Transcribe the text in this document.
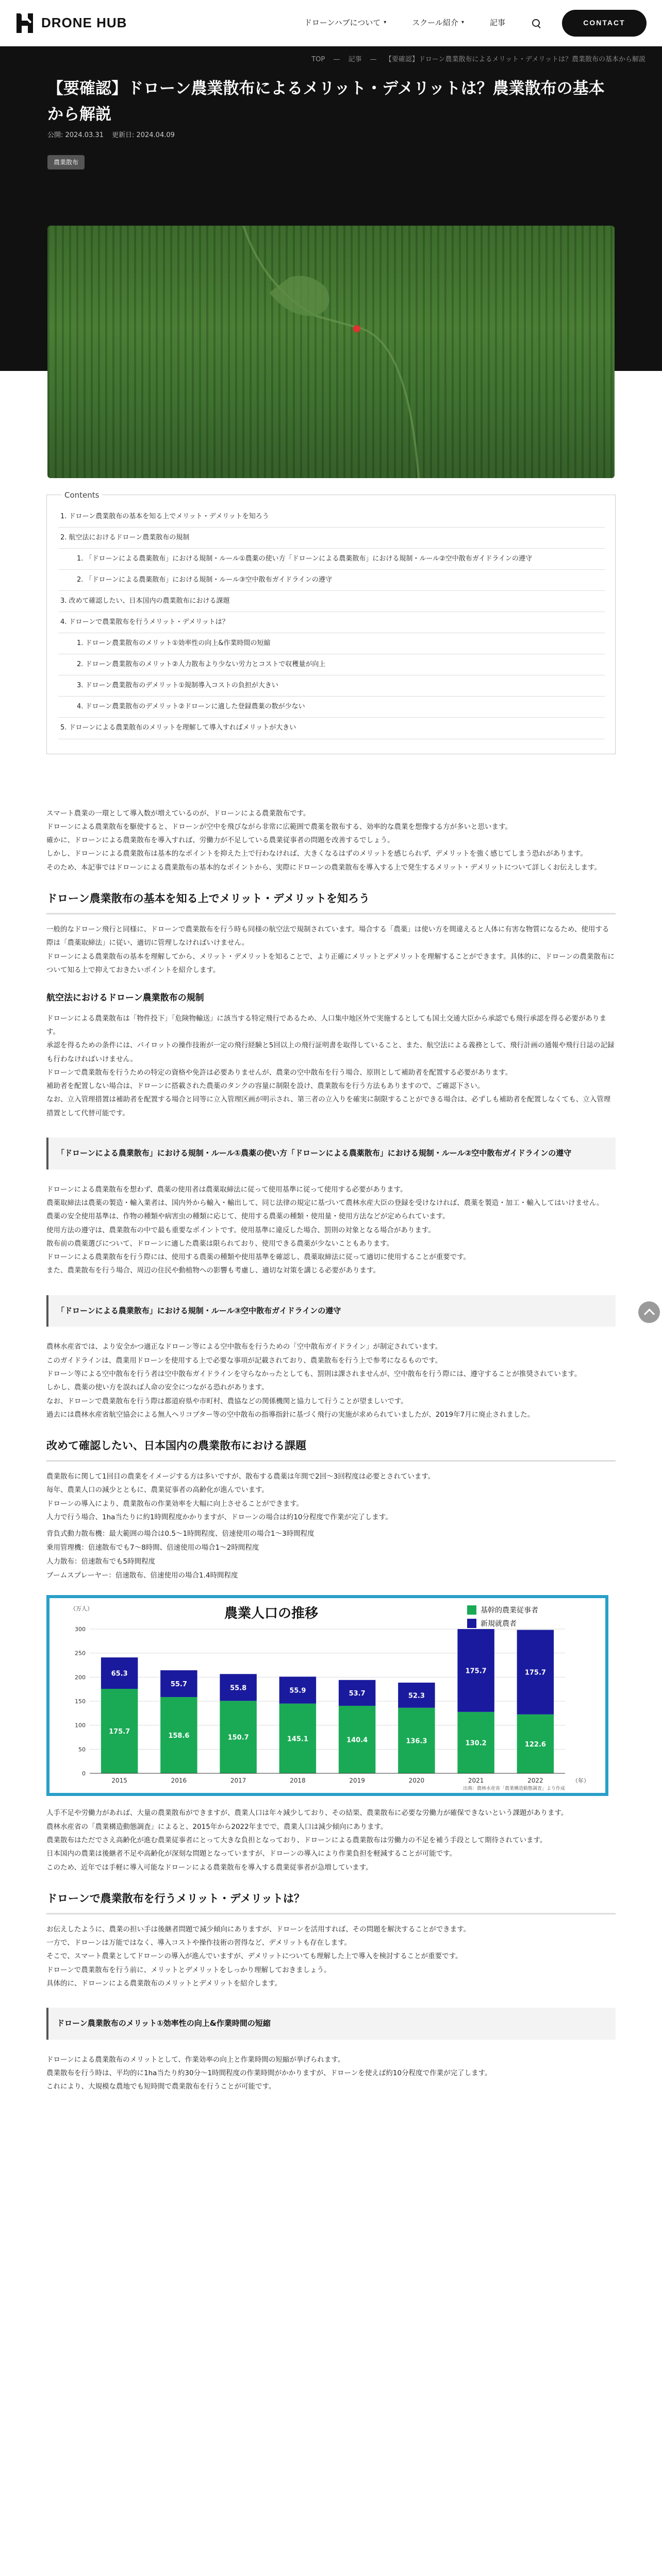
DRONE HUB	ドローンハブについて ▾	スクール紹介 ▾	記事	CONTACT
TOP — 記事 — 【要確認】ドローン農業散布によるメリット・デメリットは？農業散布の基本から解説
【要確認】ドローン農業散布によるメリット・デメリットは？農業散布の基本から解説
公開: 2024.03.31 更新日: 2024.04.09
農業散布
Contents
1. ドローン農業散布の基本を知る上でメリット・デメリットを知ろう
2. 航空法におけるドローン農業散布の規制
1. 「ドローンによる農薬散布」における規制・ルール①農薬の使い方「ドローンによる農薬散布」における規制・ルール②空中散布ガイドラインの遵守
2. 「ドローンによる農薬散布」における規制・ルール③空中散布ガイドラインの遵守
3. 改めて確認したい、日本国内の農業散布における課題
4. ドローンで農業散布を行うメリット・デメリットは？
1. ドローン農業散布のメリット①効率性の向上&作業時間の短縮
2. ドローン農業散布のメリット②人力散布より少ない労力とコストで収穫量が向上
3. ドローン農業散布のデメリット①規制導入コストの負担が大きい
4. ドローン農業散布のデメリット②ドローンに適した登録農薬の数が少ない
5. ドローンによる農業散布のメリットを理解して導入すればメリットが大きい

スマート農業の一環として導入数が増えているのが、ドローンによる農業散布です。

ドローンによる農業散布を駆使すると、ドローンが空中を飛びながら非常に広範囲で農薬を散布する、効率的な農業を想像する方が多いと思います。

確かに、ドローンによる農業散布を導入すれば、労働力が不足している農業従事者の問題を改善するでしょう。

しかし、ドローンによる農業散布は基本的なポイントを抑えた上で行わなければ、大きくなるはずのメリットを感じられず、デメリットを強く感じてしまう恐れがあります。

そのため、本記事ではドローンによる農業散布の基本的なポイントから、実際にドローンの農業散布を導入する上で発生するメリット・デメリットについて詳しくお伝えします。

ドローン農業散布の基本を知る上でメリット・デメリットを知ろう

一般的なドローン飛行と同様に、ドローンで農業散布を行う時も同様の航空法で規制されています。場合する「農薬」は使い方を間違えると人体に有害な物質になるため、使用する際は「農薬取締法」に従い、適切に管理しなければいけません。

ドローンによる農業散布の基本を理解してから、メリット・デメリットを知ることで、より正確にメリットとデメリットを理解することができます。具体的に、ドローンの農業散布について知る上で抑えておきたいポイントを紹介します。

航空法におけるドローン農業散布の規制

ドローンによる農業散布は「物件投下」「危険物輸送」に該当する特定飛行であるため、人口集中地区外で実施するとしても国土交通大臣から承認でも飛行承認を得る必要があります。

承認を得るための条件には、パイロットの操作技術が一定の飛行経験と5回以上の飛行証明書を取得していること、また、航空法による義務として、飛行計画の通報や飛行日誌の記録も行わなければいけません。

ドローンで農業散布を行うための特定の資格や免許は必要ありませんが、農業の空中散布を行う場合、原則として補助者を配置する必要があります。

補助者を配置しない場合は、ドローンに搭載された農薬のタンクの容量に制限を設け、農業散布を行う方法もありますので、ご確認下さい。

なお、立入管理措置は補助者を配置する場合と同等に立入管理区画が明示され、第三者の立入りを確実に制限することができる場合は、必ずしも補助者を配置しなくても、立入管理措置として代替可能です。

「ドローンによる農業散布」における規制・ルール①農薬の使い方「ドローンによる農薬散布」における規制・ルール②空中散布ガイドラインの遵守

ドローンによる農業散布を想わず、農薬の使用者は農薬取締法に従って使用基準に従って使用する必要があります。

農薬取締法は農薬の製造・輸入業者は、国内外から輸入・輸出して、同じ法律の規定に基づいて農林水産大臣の登録を受けなければ、農薬を製造・加工・輸入してはいけません。

農薬の安全使用基準は、作物の種類や病害虫の種類に応じて、使用する農薬の種類・使用量・使用方法などが定められています。

使用方法の遵守は、農業散布の中で最も重要なポイントです。使用基準に違反した場合、罰則の対象となる場合があります。

散布前の農薬選びについて、ドローンに適した農薬は限られており、使用できる農薬が少ないこともあります。

ドローンによる農業散布を行う際には、使用する農薬の種類や使用基準を確認し、農薬取締法に従って適切に使用することが重要です。

また、農業散布を行う場合、周辺の住民や動植物への影響も考慮し、適切な対策を講じる必要があります。

「ドローンによる農業散布」における規制・ルール③空中散布ガイドラインの遵守

農林水産省では、より安全かつ適正なドローン等による空中散布を行うための「空中散布ガイドライン」が制定されています。

このガイドラインは、農業用ドローンを使用する上で必要な事項が記載されており、農業散布を行う上で参考になるものです。

ドローン等による空中散布を行う者は空中散布ガイドラインを守らなかったとしても、罰則は課されませんが、空中散布を行う際には、遵守することが推奨されています。

しかし、農薬の使い方を誤れば人命の安全につながる恐れがあります。

なお、ドローンで農業散布を行う際は都道府県や市町村、農協などの関係機関と協力して行うことが望ましいです。

過去には農林水産省航空協会による無人ヘリコプター等の空中散布の指導指針に基づく飛行の実施が求められていましたが、2019年7月に廃止されました。

改めて確認したい、日本国内の農業散布における課題

農業散布に関して1回目の農業をイメージする方は多いですが、散布する農薬は年間で2回〜3回程度は必要とされています。

毎年、農業人口の減少とともに、農業従事者の高齢化が進んでいます。

ドローンの導入により、農業散布の作業効率を大幅に向上させることができます。

人力で行う場合、1ha当たりに約1時間程度かかりますが、ドローンの場合は約10分程度で作業が完了します。

背負式動力散布機：最大範囲の場合は0.5〜1時間程度、倍速使用の場合1〜3時間程度
乗用管理機：倍速散布でも7〜8時間、倍速使用の場合1〜2時間程度
人力散布：倍速散布でも5時間程度
ブームスプレーヤー：倍速散布、倍速使用の場合1.4時間程度
農業人口の推移
（万人）
0
50
100
150
200
250
300
175.7
65.3
2015
158.6
55.7
2016
150.7
55.8
2017
145.1
55.9
2018
140.4
53.7
2019
136.3
52.3
2020
130.2
175.7
2021
122.6
175.7
2022	（年）
基幹的農業従事者
新規就農者
出典：農林水産省「農業構造動態調査」より作成

人手不足や労働力があれば、大量の農業散布ができますが、農業人口は年々減少しており、その結果、農業散布に必要な労働力が確保できないという課題があります。

農林水産省の「農業構造動態調査」によると、2015年から2022年までで、農業人口は減少傾向にあります。

農業散布はただでさえ高齢化が進む農業従事者にとって大きな負担となっており、ドローンによる農業散布は労働力の不足を補う手段として期待されています。

日本国内の農業は後継者不足や高齢化が深刻な問題となっていますが、ドローンの導入により作業負担を軽減することが可能です。

このため、近年では手軽に導入可能なドローンによる農業散布を導入する農業従事者が急増しています。

ドローンで農業散布を行うメリット・デメリットは？

お伝えしたように、農業の担い手は後継者問題で減少傾向にありますが、ドローンを活用すれば、その問題を解決することができます。

一方で、ドローンは万能ではなく、導入コストや操作技術の習得など、デメリットも存在します。

そこで、スマート農業としてドローンの導入が進んでいますが、デメリットについても理解した上で導入を検討することが重要です。

ドローンで農業散布を行う前に、メリットとデメリットをしっかり理解しておきましょう。

具体的に、ドローンによる農業散布のメリットとデメリットを紹介します。

ドローン農業散布のメリット①効率性の向上&作業時間の短縮

ドローンによる農業散布のメリットとして、作業効率の向上と作業時間の短縮が挙げられます。

農業散布を行う時は、平均的に1ha当たり約30分〜1時間程度の作業時間がかかりますが、ドローンを使えば約10分程度で作業が完了します。

これにより、大規模な農地でも短時間で農業散布を行うことが可能です。
